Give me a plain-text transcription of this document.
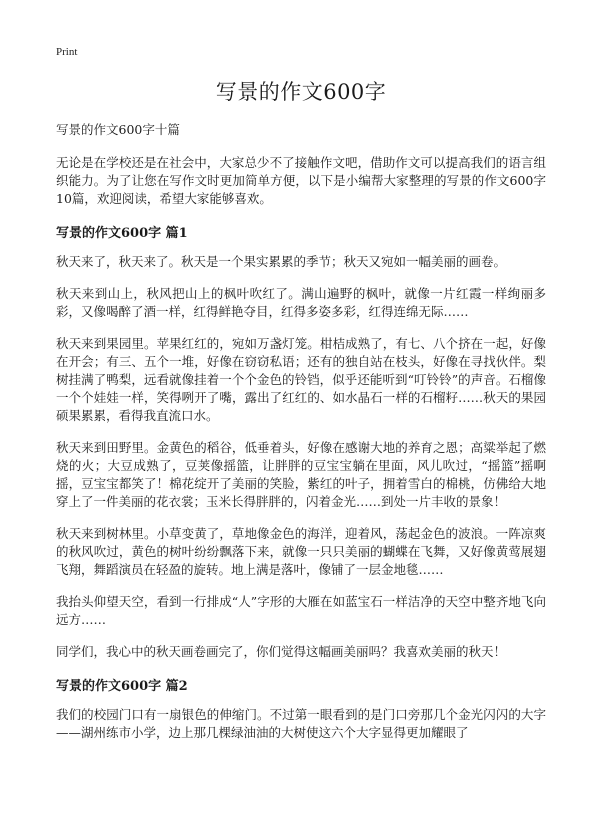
Print
写景的作文600字

写景的作文600字十篇

无论是在学校还是在社会中，大家总少不了接触作文吧，借助作文可以提高我们的语言组织能力。为了让您在写作文时更加简单方便，以下是小编帮大家整理的写景的作文600字10篇，欢迎阅读，希望大家能够喜欢。

写景的作文600字 篇1

秋天来了，秋天来了。秋天是一个果实累累的季节；秋天又宛如一幅美丽的画卷。

秋天来到山上，秋风把山上的枫叶吹红了。满山遍野的枫叶，就像一片红霞一样绚丽多彩，又像喝醉了酒一样，红得鲜艳夺目，红得多姿多彩，红得连绵无际……

秋天来到果园里。苹果红红的，宛如万盏灯笼。柑桔成熟了，有七、八个挤在一起，好像在开会；有三、五个一堆，好像在窃窃私语；还有的独自站在枝头，好像在寻找伙伴。梨树挂满了鸭梨，远看就像挂着一个个金色的铃铛，似乎还能听到“叮铃铃”的声音。石榴像一个个娃娃一样，笑得咧开了嘴，露出了红红的、如水晶石一样的石榴籽……秋天的果园硕果累累，看得我直流口水。

秋天来到田野里。金黄色的稻谷，低垂着头，好像在感谢大地的养育之恩；高粱举起了燃烧的火；大豆成熟了，豆荚像摇篮，让胖胖的豆宝宝躺在里面，风儿吹过，“摇篮”摇啊摇，豆宝宝都笑了！棉花绽开了美丽的笑脸，紫红的叶子，拥着雪白的棉桃，仿佛给大地穿上了一件美丽的花衣裳；玉米长得胖胖的，闪着金光……到处一片丰收的景象！

秋天来到树林里。小草变黄了，草地像金色的海洋，迎着风，荡起金色的波浪。一阵凉爽的秋风吹过，黄色的树叶纷纷飘落下来，就像一只只美丽的蝴蝶在飞舞，又好像黄莺展翅飞翔，舞蹈演员在轻盈的旋转。地上满是落叶，像铺了一层金地毯……

我抬头仰望天空，看到一行排成“人”字形的大雁在如蓝宝石一样洁净的天空中整齐地飞向远方……

同学们，我心中的秋天画卷画完了，你们觉得这幅画美丽吗？我喜欢美丽的秋天！

写景的作文600字 篇2

我们的校园门口有一扇银色的伸缩门。不过第一眼看到的是门口旁那几个金光闪闪的大字——湖州练市小学，边上那几棵绿油油的大树使这六个大字显得更加耀眼了
